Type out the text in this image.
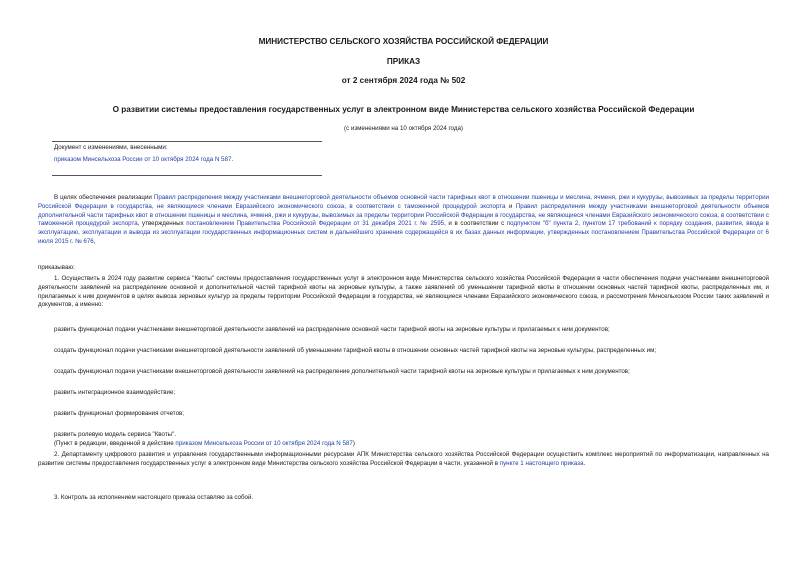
МИНИСТЕРСТВО СЕЛЬСКОГО ХОЗЯЙСТВА РОССИЙСКОЙ ФЕДЕРАЦИИ
ПРИКАЗ
от 2 сентября 2024 года № 502
О развитии системы предоставления государственных услуг в электронном виде Министерства сельского хозяйства Российской Федерации
(с изменениями на 10 октября 2024 года)
Документ с изменениями, внесенными:
приказом Минсельхоза России от 10 октября 2024 года N 587.
В целях обеспечения реализации Правил распределения между участниками внешнеторговой деятельности объемов основной части тарифных квот в отношении пшеницы и меслина, ячменя, ржи и кукурузы, вывозимых за пределы территории Российской Федерации в государства, не являющиеся членами Евразийского экономического союза, в соответствии с таможенной процедурой экспорта и Правил распределения между участниками внешнеторговой деятельности объемов дополнительной части тарифных квот в отношении пшеницы и меслина, ячменя, ржи и кукурузы, вывозимых за пределы территории Российской Федерации в государства, не являющиеся членами Евразийского экономического союза, в соответствии с таможенной процедурой экспорта, утвержденных постановлением Правительства Российской Федерации от 31 декабря 2021 г. № 2595, и в соответствии с подпунктом "б" пункта 2, пунктом 17 требований к порядку создания, развития, ввода в эксплуатацию, эксплуатации и вывода из эксплуатации государственных информационных систем и дальнейшего хранения содержащейся в их базах данных информации, утвержденных постановлением Правительства Российской Федерации от 6 июля 2015 г. № 676,
приказываю:
1. Осуществить в 2024 году развитие сервиса "Квоты" системы предоставления государственных услуг в электронном виде Министерства сельского хозяйства Российской Федерации в части обеспечения подачи участниками внешнеторговой деятельности заявлений на распределение основной и дополнительной частей тарифной квоты на зерновые культуры, а также заявлений об уменьшении тарифной квоты в отношении основных частей тарифной квоты, распределенных им, и прилагаемых к ним документов в целях вывоза зерновых культур за пределы территории Российской Федерации в государства, не являющиеся членами Евразийского экономического союза, и рассмотрения Минсельхозом России таких заявлений и документов, а именно:
развить функционал подачи участниками внешнеторговой деятельности заявлений на распределение основной части тарифной квоты на зерновые культуры и прилагаемых к ним документов;
создать функционал подачи участниками внешнеторговой деятельности заявлений об уменьшении тарифной квоты в отношении основных частей тарифной квоты на зерновые культуры, распределенных им;
создать функционал подачи участниками внешнеторговой деятельности заявлений на распределение дополнительной части тарифной квоты на зерновые культуры и прилагаемых к ним документов;
развить интеграционное взаимодействие;
развить функционал формирования отчетов;
развить ролевую модель сервиса "Квоты".
(Пункт в редакции, введенной в действие приказом Минсельхоза России от 10 октября 2024 года N 587)
2. Департаменту цифрового развития и управления государственными информационными ресурсами АПК Министерства сельского хозяйства Российской Федерации осуществить комплекс мероприятий по информатизации, направленных на развитие системы предоставления государственных услуг в электронном виде Министерства сельского хозяйства Российской Федерации в части, указанной в пункте 1 настоящего приказа.
3. Контроль за исполнением настоящего приказа оставляю за собой.
